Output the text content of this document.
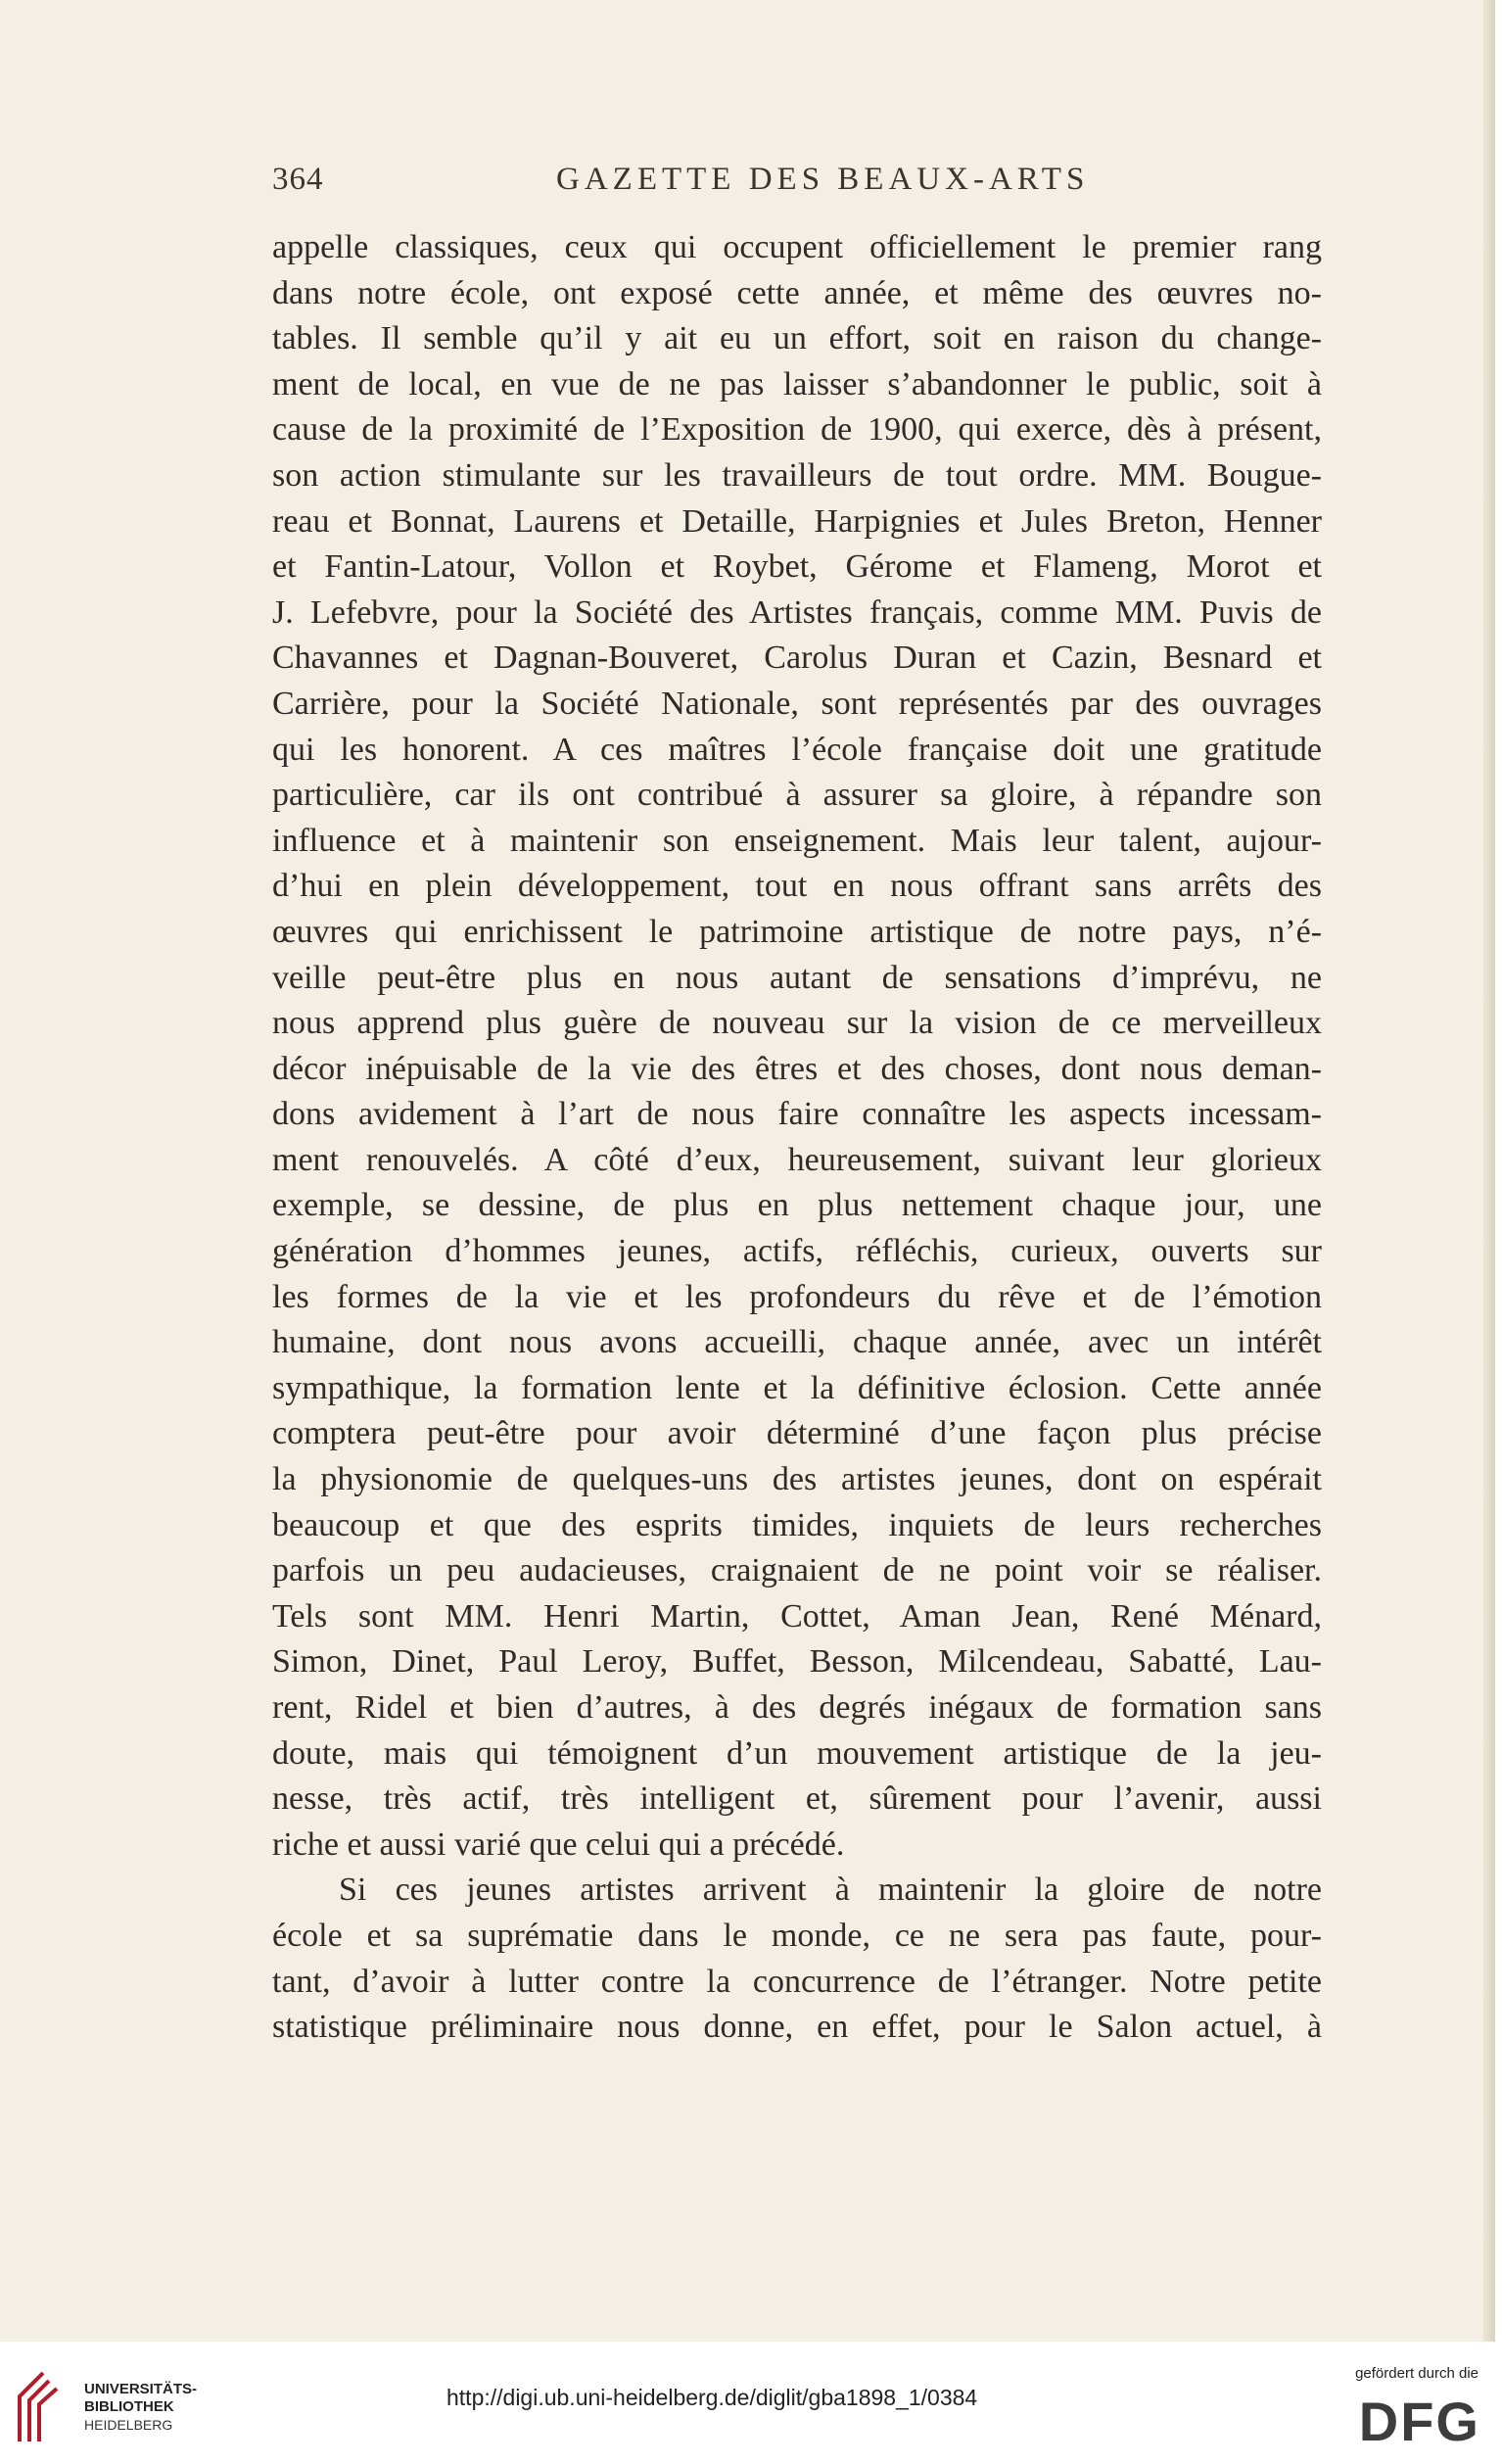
364	GAZETTE DES BEAUX-ARTS
appelle classiques, ceux qui occupent officiellement le premier rang
dans notre école, ont exposé cette année, et même des œuvres no-
tables. Il semble qu’il y ait eu un effort, soit en raison du change-
ment de local, en vue de ne pas laisser s’abandonner le public, soit à
cause de la proximité de l’Exposition de 1900, qui exerce, dès à présent,
son action stimulante sur les travailleurs de tout ordre. MM. Bougue-
reau et Bonnat, Laurens et Detaille, Harpignies et Jules Breton, Henner
et Fantin-Latour, Vollon et Roybet, Gérome et Flameng, Morot et
J. Lefebvre, pour la Société des Artistes français, comme MM. Puvis de
Chavannes et Dagnan-Bouveret, Carolus Duran et Cazin, Besnard et
Carrière, pour la Société Nationale, sont représentés par des ouvrages
qui les honorent. A ces maîtres l’école française doit une gratitude
particulière, car ils ont contribué à assurer sa gloire, à répandre son
influence et à maintenir son enseignement. Mais leur talent, aujour-
d’hui en plein développement, tout en nous offrant sans arrêts des
œuvres qui enrichissent le patrimoine artistique de notre pays, n’é-
veille peut-être plus en nous autant de sensations d’imprévu, ne
nous apprend plus guère de nouveau sur la vision de ce merveilleux
décor inépuisable de la vie des êtres et des choses, dont nous deman-
dons avidement à l’art de nous faire connaître les aspects incessam-
ment renouvelés. A côté d’eux, heureusement, suivant leur glorieux
exemple, se dessine, de plus en plus nettement chaque jour, une
génération d’hommes jeunes, actifs, réfléchis, curieux, ouverts sur
les formes de la vie et les profondeurs du rêve et de l’émotion
humaine, dont nous avons accueilli, chaque année, avec un intérêt
sympathique, la formation lente et la définitive éclosion. Cette année
comptera peut-être pour avoir déterminé d’une façon plus précise
la physionomie de quelques-uns des artistes jeunes, dont on espérait
beaucoup et que des esprits timides, inquiets de leurs recherches
parfois un peu audacieuses, craignaient de ne point voir se réaliser.
Tels sont MM. Henri Martin, Cottet, Aman Jean, René Ménard,
Simon, Dinet, Paul Leroy, Buffet, Besson, Milcendeau, Sabatté, Lau-
rent, Ridel et bien d’autres, à des degrés inégaux de formation sans
doute, mais qui témoignent d’un mouvement artistique de la jeu-
nesse, très actif, très intelligent et, sûrement pour l’avenir, aussi
riche et aussi varié que celui qui a précédé.
Si ces jeunes artistes arrivent à maintenir la gloire de notre
école et sa suprématie dans le monde, ce ne sera pas faute, pour-
tant, d’avoir à lutter contre la concurrence de l’étranger. Notre petite
statistique préliminaire nous donne, en effet, pour le Salon actuel, à
UNIVERSITÄTS-
BIBLIOTHEK
HEIDELBERG
http://digi.ub.uni-heidelberg.de/diglit/gba1898_1/0384
gefördert durch die
DFG
